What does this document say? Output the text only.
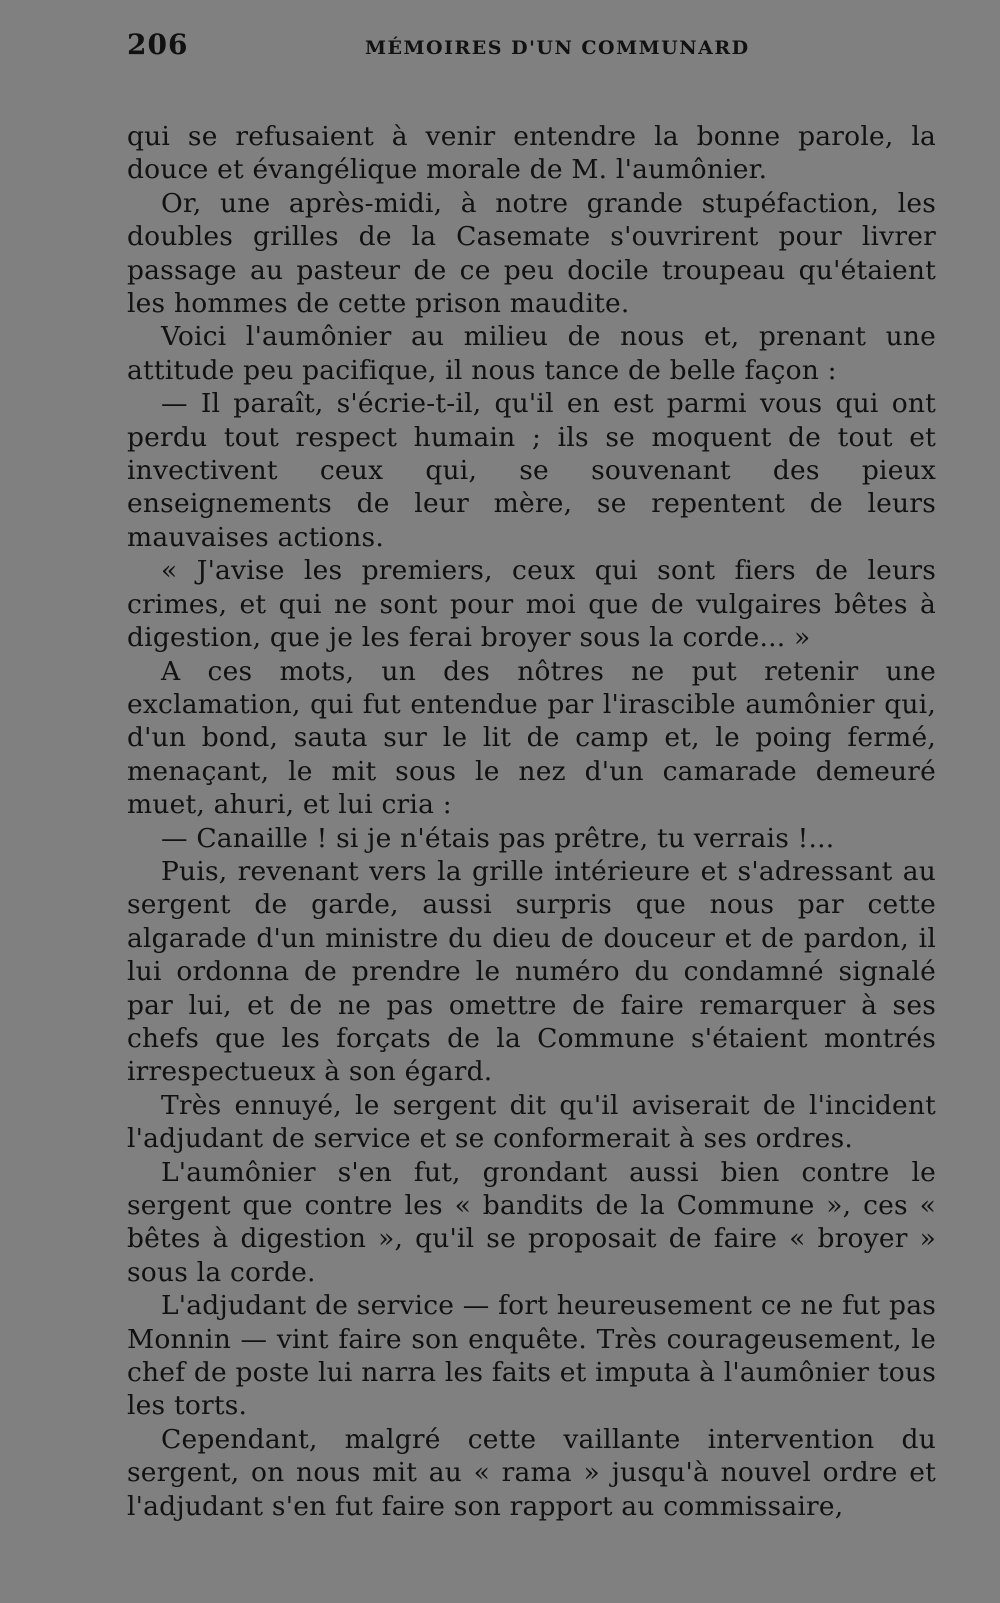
206	MÉMOIRES D'UN COMMUNARD

qui se refusaient à venir entendre la bonne parole, la douce et évangélique morale de M. l'aumônier.

Or, une après-midi, à notre grande stupéfaction, les doubles grilles de la Casemate s'ouvrirent pour livrer passage au pasteur de ce peu docile troupeau qu'étaient les hommes de cette prison maudite.

Voici l'aumônier au milieu de nous et, prenant une attitude peu pacifique, il nous tance de belle façon :

— Il paraît, s'écrie-t-il, qu'il en est parmi vous qui ont perdu tout respect humain ; ils se moquent de tout et invectivent ceux qui, se souvenant des pieux enseignements de leur mère, se repentent de leurs mauvaises actions.

« J'avise les premiers, ceux qui sont fiers de leurs crimes, et qui ne sont pour moi que de vulgaires bêtes à digestion, que je les ferai broyer sous la corde... »

A ces mots, un des nôtres ne put retenir une exclamation, qui fut entendue par l'irascible aumônier qui, d'un bond, sauta sur le lit de camp et, le poing fermé, menaçant, le mit sous le nez d'un camarade demeuré muet, ahuri, et lui cria :

— Canaille ! si je n'étais pas prêtre, tu verrais !...

Puis, revenant vers la grille intérieure et s'adressant au sergent de garde, aussi surpris que nous par cette algarade d'un ministre du dieu de douceur et de pardon, il lui ordonna de prendre le numéro du condamné signalé par lui, et de ne pas omettre de faire remarquer à ses chefs que les forçats de la Commune s'étaient montrés irrespectueux à son égard.

Très ennuyé, le sergent dit qu'il aviserait de l'incident l'adjudant de service et se conformerait à ses ordres.

L'aumônier s'en fut, grondant aussi bien contre le sergent que contre les « bandits de la Commune », ces « bêtes à digestion », qu'il se proposait de faire « broyer » sous la corde.

L'adjudant de service — fort heureusement ce ne fut pas Monnin — vint faire son enquête. Très courageusement, le chef de poste lui narra les faits et imputa à l'aumônier tous les torts.

Cependant, malgré cette vaillante intervention du sergent, on nous mit au « rama » jusqu'à nouvel ordre et l'adjudant s'en fut faire son rapport au commissaire,
